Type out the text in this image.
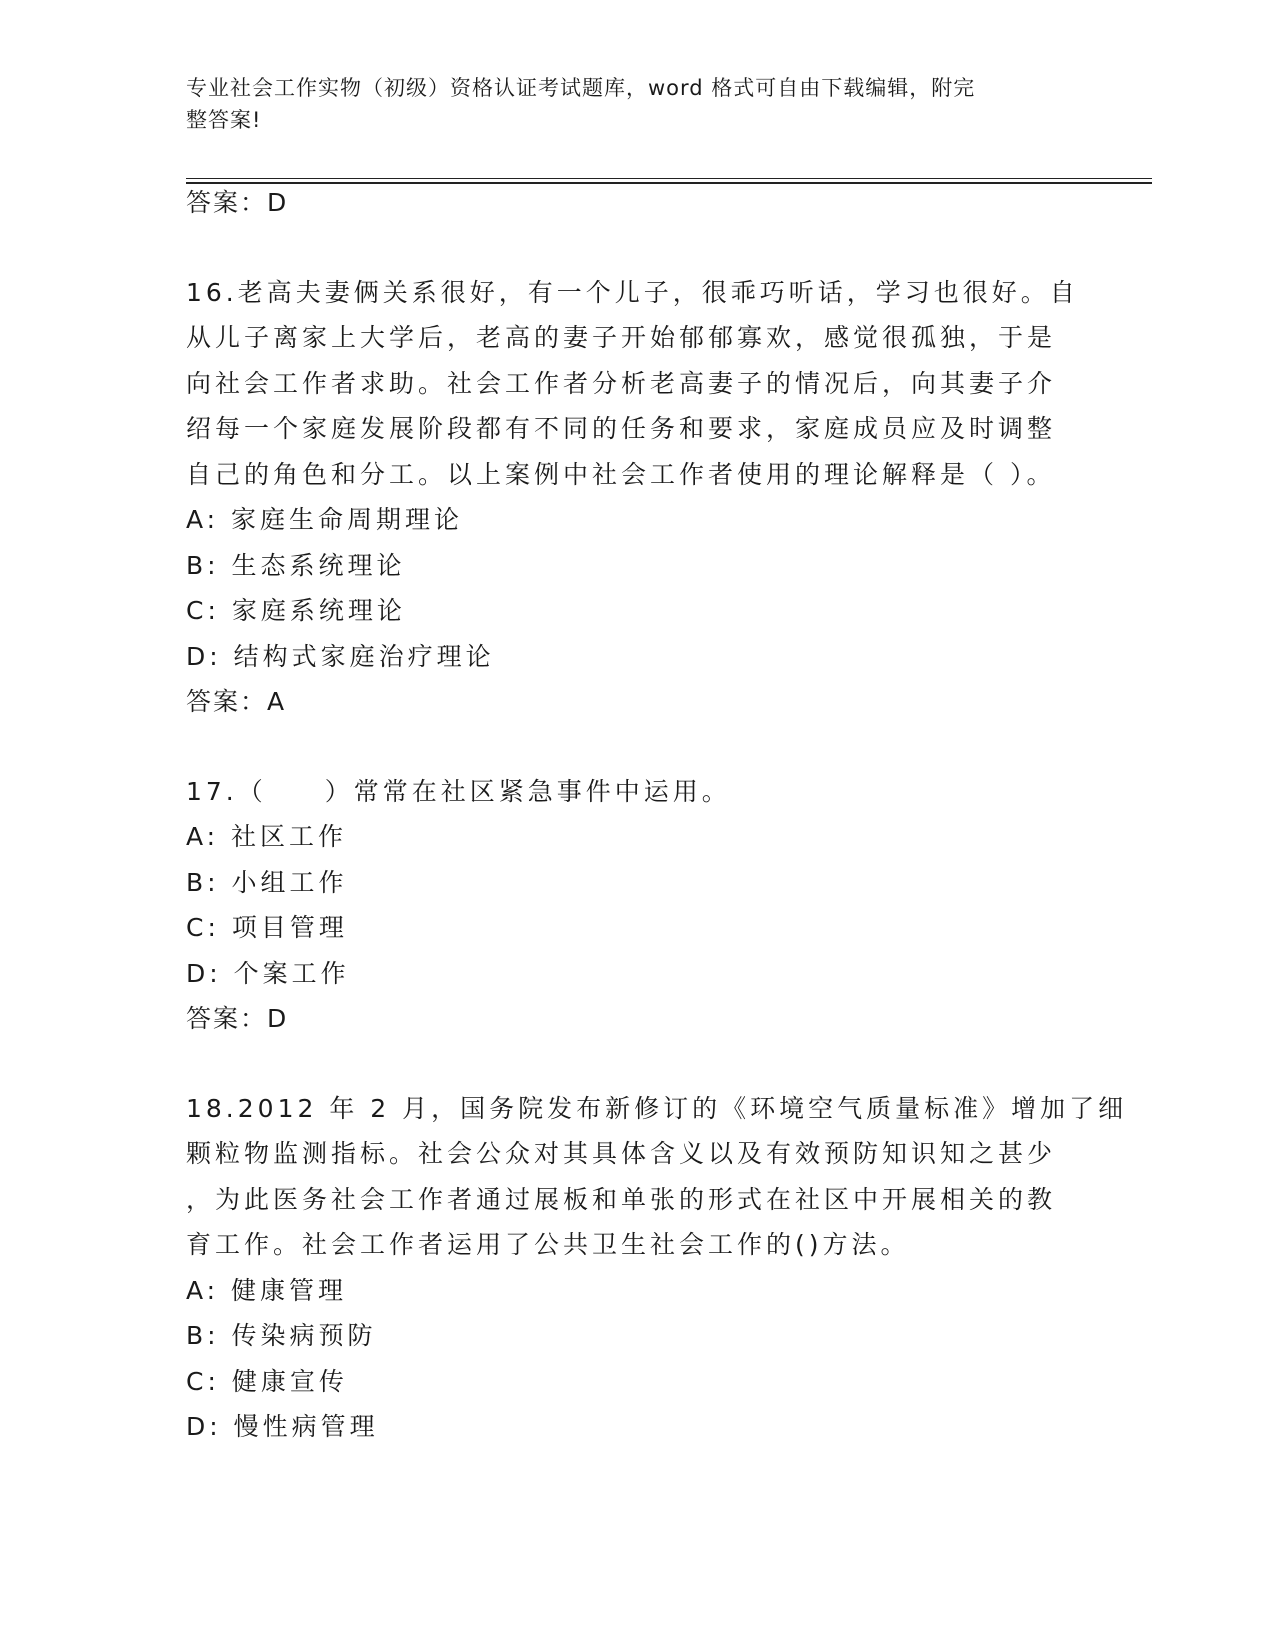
专业社会工作实物（初级）资格认证考试题库，word 格式可自由下载编辑，附完
整答案!
答案：D
16.老高夫妻俩关系很好，有一个儿子，很乖巧听话，学习也很好。自
从儿子离家上大学后，老高的妻子开始郁郁寡欢，感觉很孤独，于是
向社会工作者求助。社会工作者分析老高妻子的情况后，向其妻子介
绍每一个家庭发展阶段都有不同的任务和要求，家庭成员应及时调整
自己的角色和分工。以上案例中社会工作者使用的理论解释是（ ）。
A: 家庭生命周期理论
B: 生态系统理论
C: 家庭系统理论
D: 结构式家庭治疗理论
答案：A
17.（　　）常常在社区紧急事件中运用。
A: 社区工作
B: 小组工作
C: 项目管理
D: 个案工作
答案：D
18.2012 年 2 月，国务院发布新修订的《环境空气质量标准》增加了细
颗粒物监测指标。社会公众对其具体含义以及有效预防知识知之甚少
，为此医务社会工作者通过展板和单张的形式在社区中开展相关的教
育工作。社会工作者运用了公共卫生社会工作的()方法。
A: 健康管理
B: 传染病预防
C: 健康宣传
D: 慢性病管理
